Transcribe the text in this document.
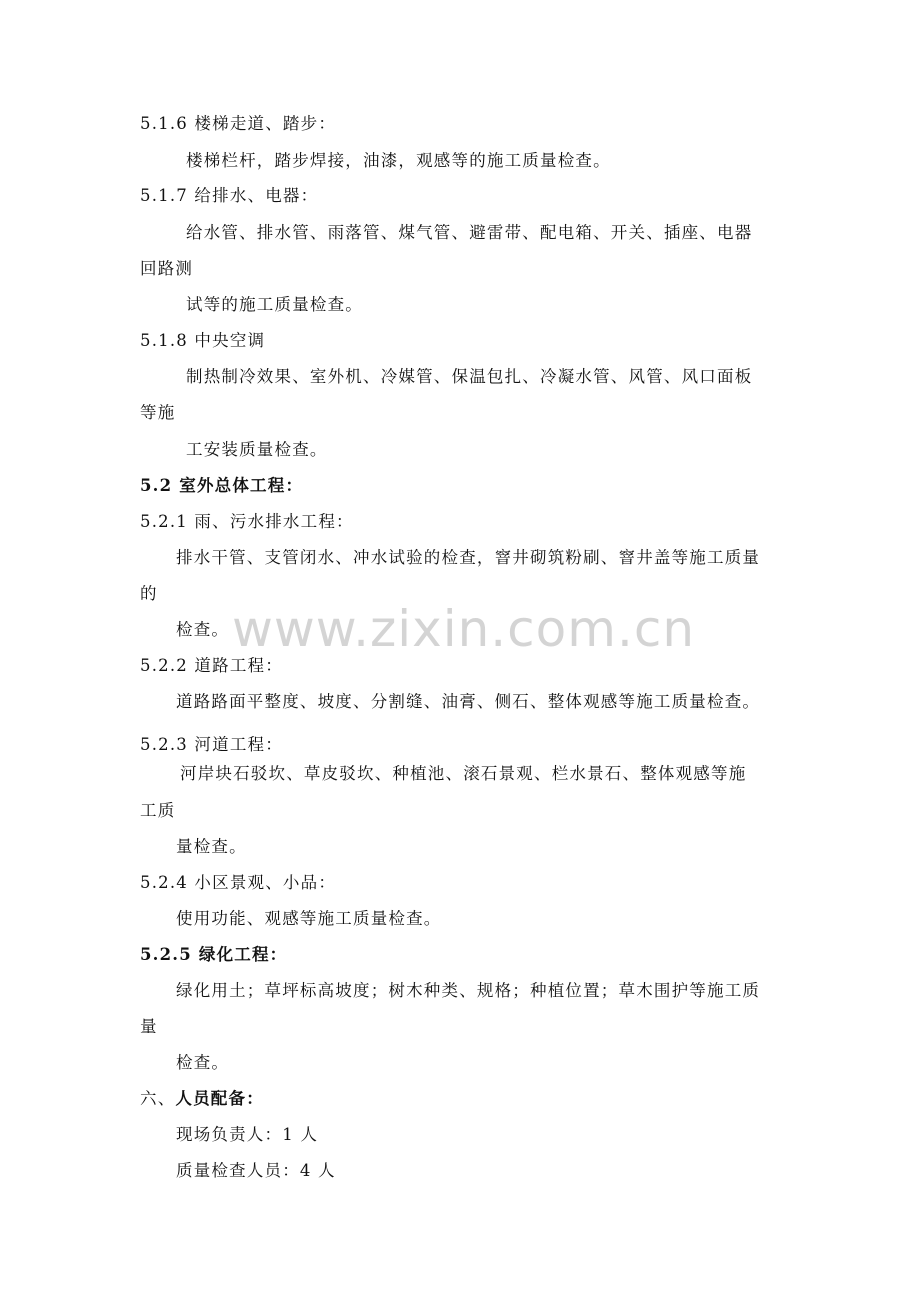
5.1.6 楼梯走道、踏步：

楼梯栏杆，踏步焊接，油漆，观感等的施工质量检查。

5.1.7 给排水、电器：

给水管、排水管、雨落管、煤气管、避雷带、配电箱、开关、插座、电器

回路测

试等的施工质量检查。

5.1.8 中央空调

制热制冷效果、室外机、冷媒管、保温包扎、冷凝水管、风管、风口面板

等施

工安装质量检查。

5.2 室外总体工程：

5.2.1 雨、污水排水工程：

排水干管、支管闭水、冲水试验的检查，窨井砌筑粉刷、窨井盖等施工质量

的

检查。

5.2.2 道路工程：

道路路面平整度、坡度、分割缝、油膏、侧石、整体观感等施工质量检查。

5.2.3 河道工程：

河岸块石驳坎、草皮驳坎、种植池、滚石景观、栏水景石、整体观感等施

工质

量检查。

5.2.4 小区景观、小品：

使用功能、观感等施工质量检查。

5.2.5 绿化工程：

绿化用土；草坪标高坡度；树木种类、规格；种植位置；草木围护等施工质

量

检查。

六、人员配备：

现场负责人：1 人

质量检查人员：4 人

www.zixin.com.cn
